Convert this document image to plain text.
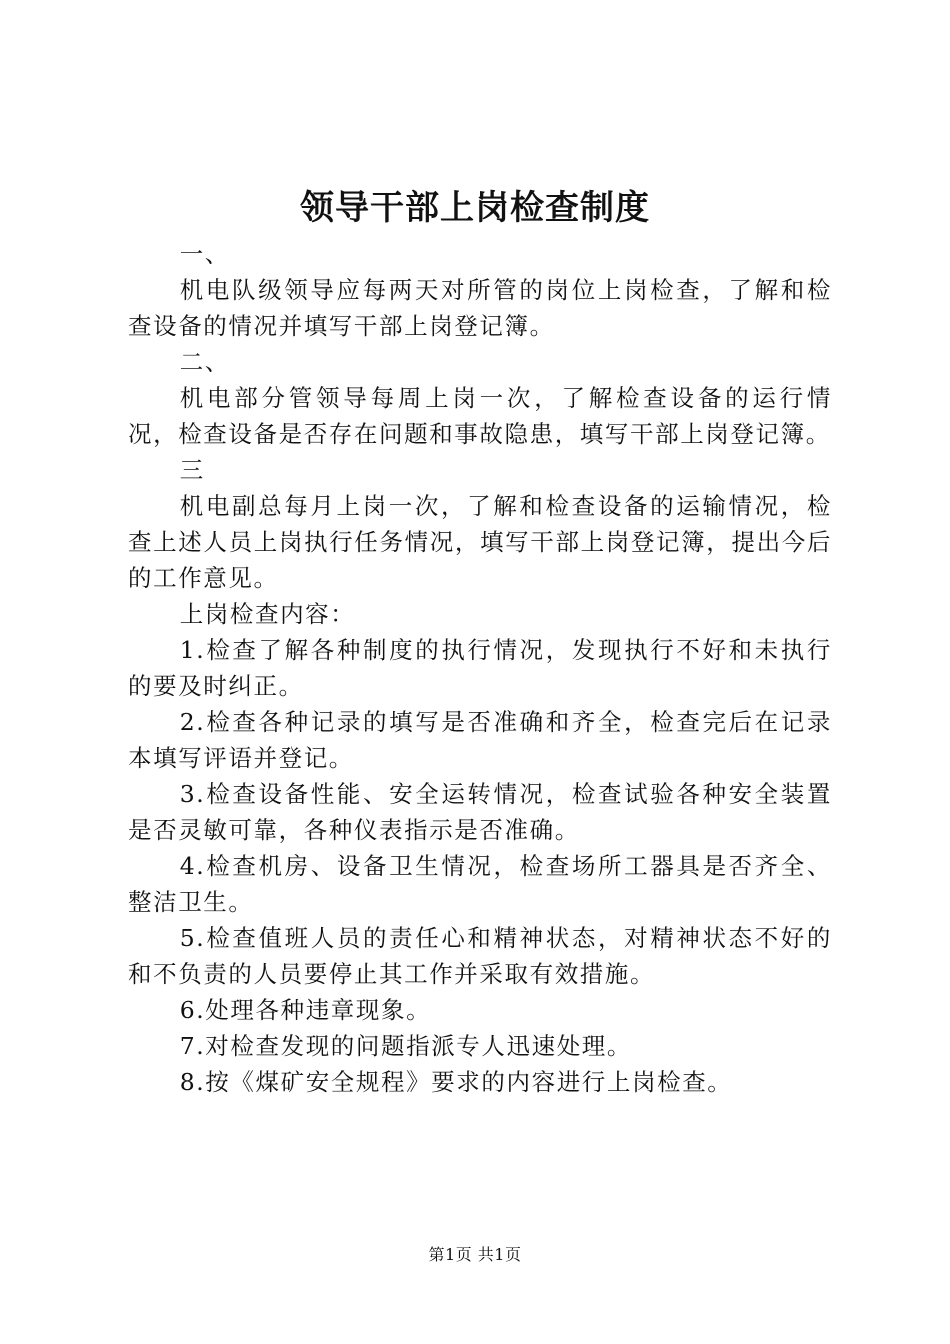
领导干部上岗检查制度

一、

机电队级领导应每两天对所管的岗位上岗检查，了解和检查设备的情况并填写干部上岗登记簿。

二、

机电部分管领导每周上岗一次，了解检查设备的运行情况，检查设备是否存在问题和事故隐患，填写干部上岗登记簿。

三

机电副总每月上岗一次，了解和检查设备的运输情况，检查上述人员上岗执行任务情况，填写干部上岗登记簿，提出今后的工作意见。

上岗检查内容：

1.检查了解各种制度的执行情况，发现执行不好和未执行的要及时纠正。

2.检查各种记录的填写是否准确和齐全，检查完后在记录本填写评语并登记。

3.检查设备性能、安全运转情况，检查试验各种安全装置是否灵敏可靠，各种仪表指示是否准确。

4.检查机房、设备卫生情况，检查场所工器具是否齐全、整洁卫生。

5.检查值班人员的责任心和精神状态，对精神状态不好的和不负责的人员要停止其工作并采取有效措施。

6.处理各种违章现象。

7.对检查发现的问题指派专人迅速处理。

8.按《煤矿安全规程》要求的内容进行上岗检查。

第1页 共1页
